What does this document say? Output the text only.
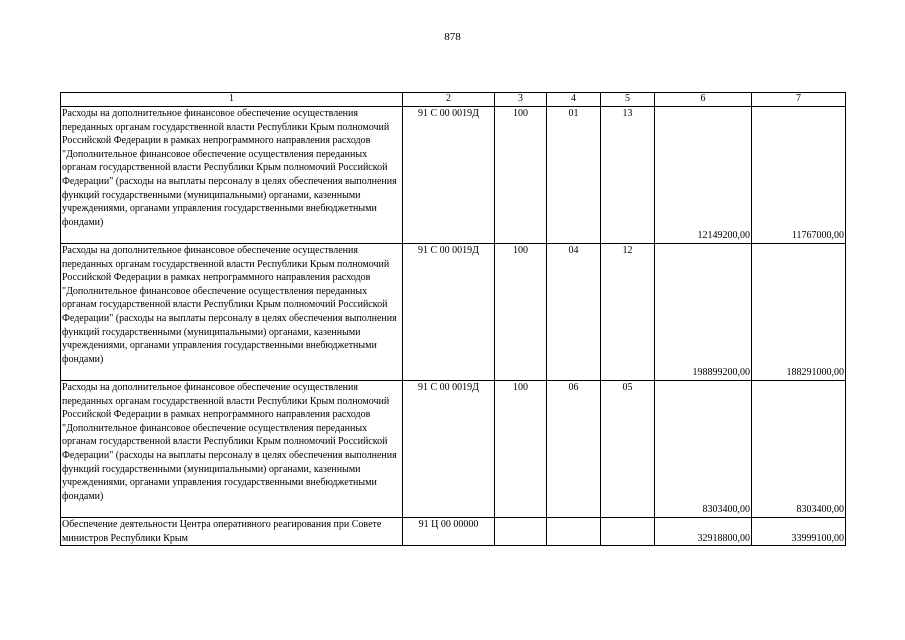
878
1	2	3	4	5	6	7
Расходы на дополнительное финансовое обеспечение осуществления переданных органам государственной власти Республики Крым полномочий Российской Федерации в рамках непрограммного направления расходов "Дополнительное финансовое обеспечение осуществления переданных органам государственной власти Республики Крым полномочий Российской Федерации" (расходы на выплаты персоналу в целях обеспечения выполнения функций государственными (муниципальными) органами, казенными учреждениями, органами управления государственными внебюджетными фондами)	91 С 00 0019Д	100	01	13	12149200,00	11767000,00
Расходы на дополнительное финансовое обеспечение осуществления переданных органам государственной власти Республики Крым полномочий Российской Федерации в рамках непрограммного направления расходов "Дополнительное финансовое обеспечение осуществления переданных органам государственной власти Республики Крым полномочий Российской Федерации" (расходы на выплаты персоналу в целях обеспечения выполнения функций государственными (муниципальными) органами, казенными учреждениями, органами управления государственными внебюджетными фондами)	91 С 00 0019Д	100	04	12	198899200,00	188291000,00
Расходы на дополнительное финансовое обеспечение осуществления переданных органам государственной власти Республики Крым полномочий Российской Федерации в рамках непрограммного направления расходов "Дополнительное финансовое обеспечение осуществления переданных органам государственной власти Республики Крым полномочий Российской Федерации" (расходы на выплаты персоналу в целях обеспечения выполнения функций государственными (муниципальными) органами, казенными учреждениями, органами управления государственными внебюджетными фондами)	91 С 00 0019Д	100	06	05	8303400,00	8303400,00
Обеспечение деятельности Центра оперативного реагирования при Совете министров Республики Крым	91 Ц 00 00000				32918800,00	33999100,00
